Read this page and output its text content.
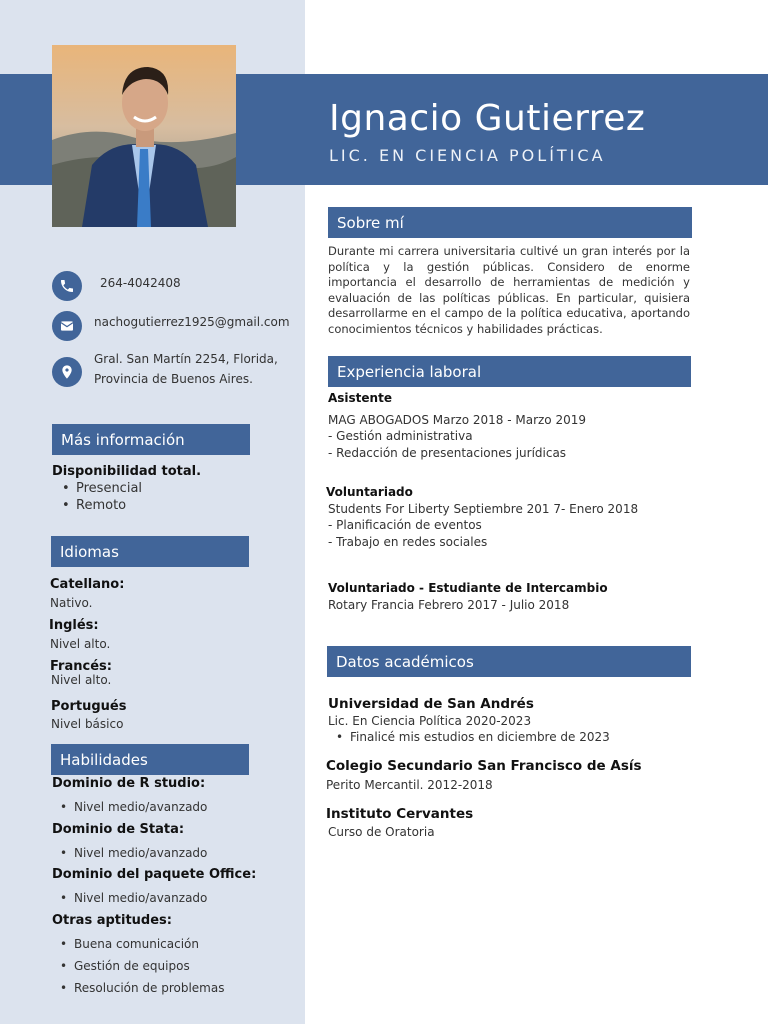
Ignacio Gutierrez

LIC. EN CIENCIA POLÍTICA

264-4042408
nachogutierrez1925@gmail.com
Gral. San Martín 2254, Florida,
Provincia de Buenos Aires.
Más información
Disponibilidad total.
• Presencial
• Remoto
Idiomas
Catellano:
Nativo.
Inglés:
Nivel alto.
Francés:
Nivel alto.
Portugués
Nivel básico
Habilidades
Dominio de R studio:
• Nivel medio/avanzado
Dominio de Stata:
• Nivel medio/avanzado
Dominio del paquete Office:
• Nivel medio/avanzado
Otras aptitudes:
• Buena comunicación
• Gestión de equipos
• Resolución de problemas
Sobre mí

Durante mi carrera universitaria cultivé un gran interés por la política y la gestión públicas. Considero de enorme importancia el desarrollo de herramientas de medición y evaluación de las políticas públicas. En particular, quisiera desarrollarme en el campo de la política educativa, aportando conocimientos técnicos y habilidades prácticas.

Experiencia laboral
Asistente
MAG ABOGADOS Marzo 2018 - Marzo 2019
- Gestión administrativa
- Redacción de presentaciones jurídicas
Voluntariado
Students For Liberty Septiembre 201 7- Enero 2018
- Planificación de eventos
- Trabajo en redes sociales
Voluntariado - Estudiante de Intercambio
Rotary Francia Febrero 2017 - Julio 2018
Datos académicos
Universidad de San Andrés
Lic. En Ciencia Política 2020-2023
• Finalicé mis estudios en diciembre de 2023
Colegio Secundario San Francisco de Asís
Perito Mercantil. 2012-2018
Instituto Cervantes
Curso de Oratoria
